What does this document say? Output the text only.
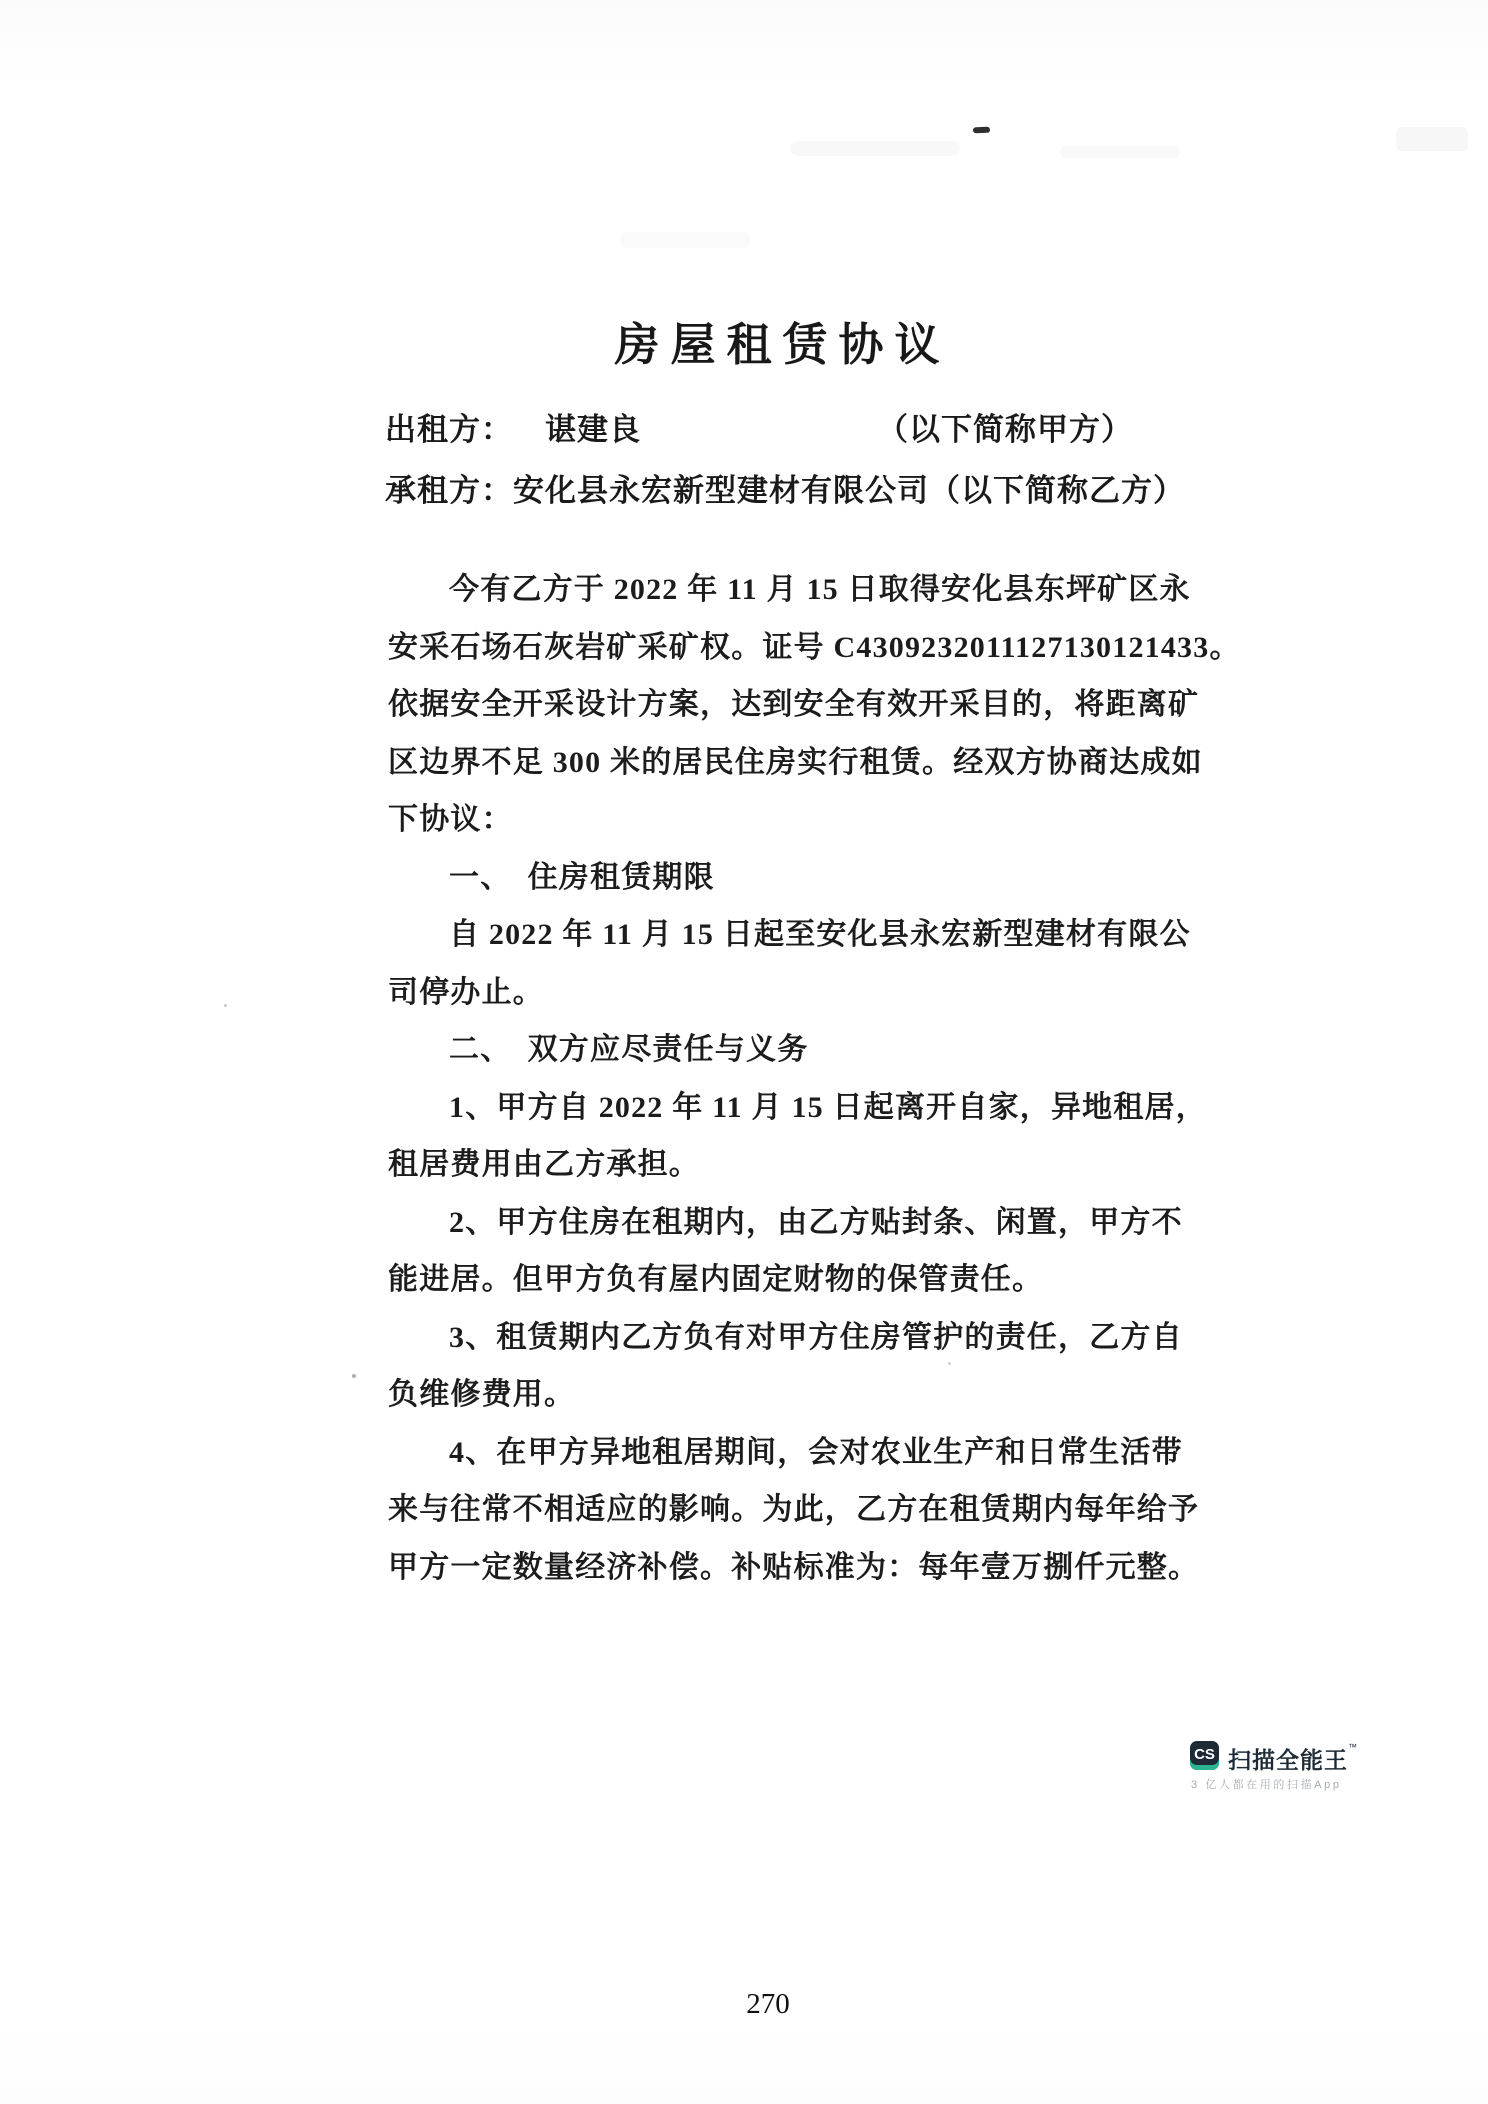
房屋租赁协议
出租方： 谌建良	（以下简称甲方）
承租方： 安化县永宏新型建材有限公司 （以下简称乙方）
今有乙方于 2022 年 11 月 15 日取得安化县东坪矿区永
安采石场石灰岩矿采矿权。证号 C4309232011127130121433。
依据安全开采设计方案，达到安全有效开采目的，将距离矿
区边界不足 300 米的居民住房实行租赁。经双方协商达成如
下协议：
一、　住房租赁期限
自 2022 年 11 月 15 日起至安化县永宏新型建材有限公
司停办止。
二、　双方应尽责任与义务
1、甲方自 2022 年 11 月 15 日起离开自家，异地租居，
租居费用由乙方承担。
2、甲方住房在租期内，由乙方贴封条、闲置，甲方不
能进居。但甲方负有屋内固定财物的保管责任。
3、租赁期内乙方负有对甲方住房管护的责任，乙方自
负维修费用。
4、在甲方异地租居期间，会对农业生产和日常生活带
来与往常不相适应的影响。为此，乙方在租赁期内每年给予
甲方一定数量经济补偿。补贴标准为：每年壹万捌仟元整。
CS 扫描全能王™
3 亿人都在用的扫描App
270
